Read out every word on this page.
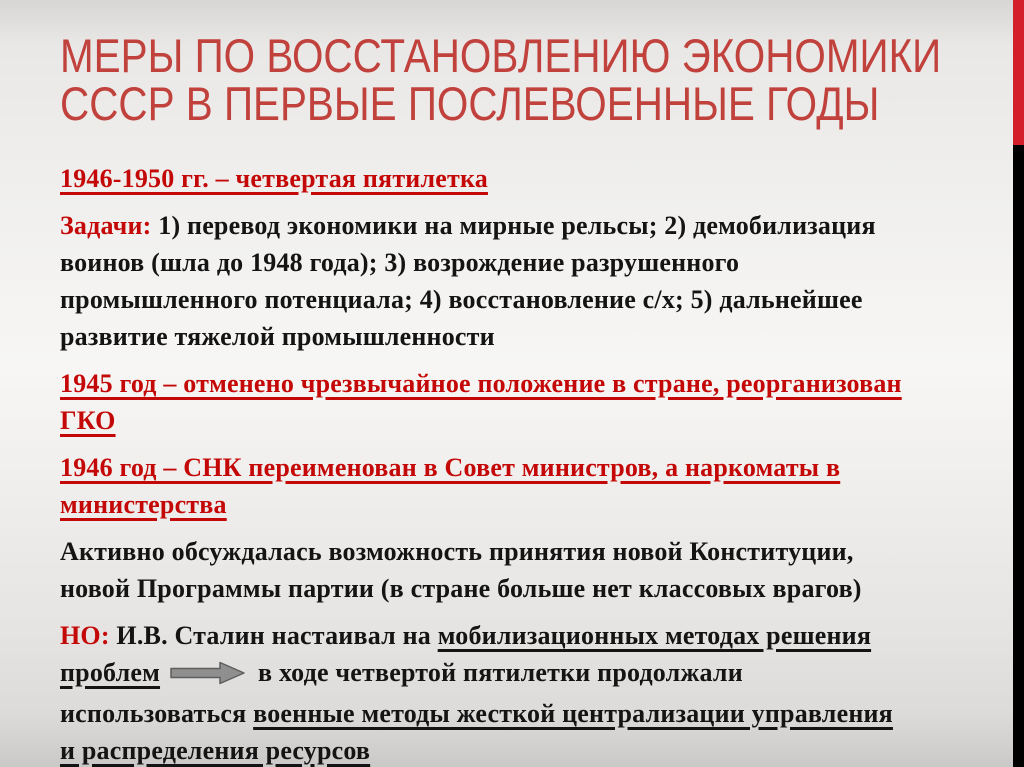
МЕРЫ ПО ВОССТАНОВЛЕНИЮ ЭКОНОМИКИ
СССР В ПЕРВЫЕ ПОСЛЕВОЕННЫЕ ГОДЫ

1946-1950 гг. – четвертая пятилетка

Задачи: 1) перевод экономики на мирные рельсы; 2) демобилизация
воинов (шла до 1948 года); 3) возрождение разрушенного
промышленного потенциала; 4) восстановление с/х; 5) дальнейшее
развитие тяжелой промышленности

1945 год – отменено чрезвычайное положение в стране, реорганизован
ГКО

1946 год – СНК переименован в Совет министров, а наркоматы в
министерства

Активно обсуждалась возможность принятия новой Конституции,
новой Программы партии (в стране больше нет классовых врагов)

НО: И.В. Сталин настаивал на мобилизационных методах решения
проблем	в ходе четвертой пятилетки продолжали
использоваться военные методы жесткой централизации управления
и распределения ресурсов
